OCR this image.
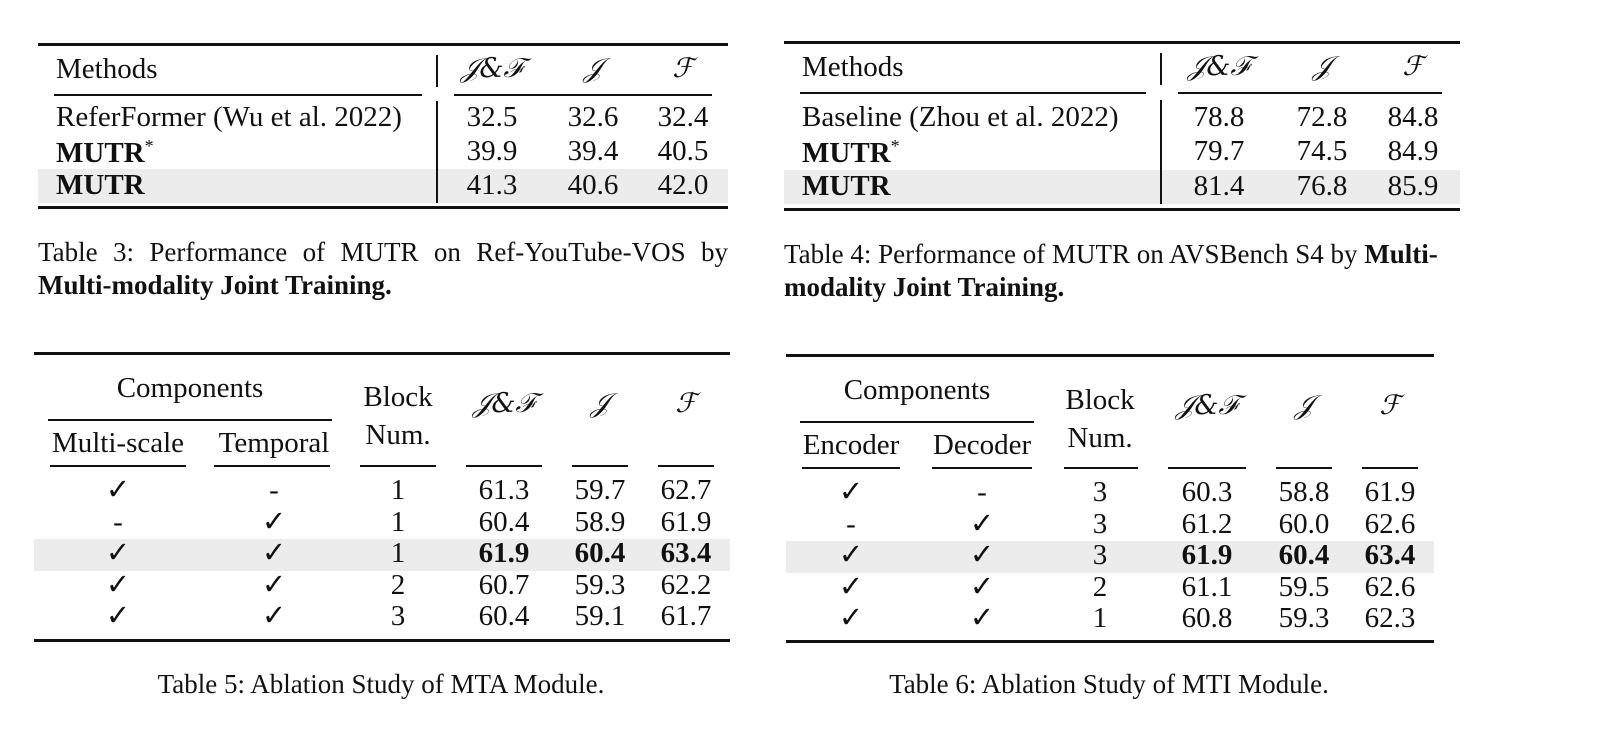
Methods	𝒥&ℱ 𝒥	ℱ
ReferFormer (Wu et al. 2022) 32.5 32.6 32.4
MUTR*	39.9 39.4 40.5
MUTR	41.3 40.6 42.0
Table 3: Performance of MUTR on Ref-YouTube-VOS by Multi-modality Joint Training.
Methods	𝒥&ℱ 𝒥	ℱ
Baseline (Zhou et al. 2022)	78.8 72.8 84.8
MUTR*	79.7 74.5 84.9
MUTR	81.4 76.8 85.9
Table 4: Performance of MUTR on AVSBench S4 by Multi-
modality Joint Training.
Components
Multi-scale Temporal
Block
Num.
𝒥&ℱ 𝒥 ℱ
✓	-	1	61.3 59.7 62.7
-	✓	1	60.4 58.9 61.9
✓	✓	1	61.9 60.4 63.4
✓	✓	2	60.7 59.3 62.2
✓	✓	3	60.4 59.1 61.7
Table 5: Ablation Study of MTA Module.
Components
Encoder Decoder
Block
Num.
𝒥&ℱ 𝒥 ℱ
✓	-	3	60.3 58.8 61.9
-	✓	3	61.2 60.0 62.6
✓	✓	3	61.9 60.4 63.4
✓	✓	2	61.1 59.5 62.6
✓	✓	1	60.8 59.3 62.3
Table 6: Ablation Study of MTI Module.
